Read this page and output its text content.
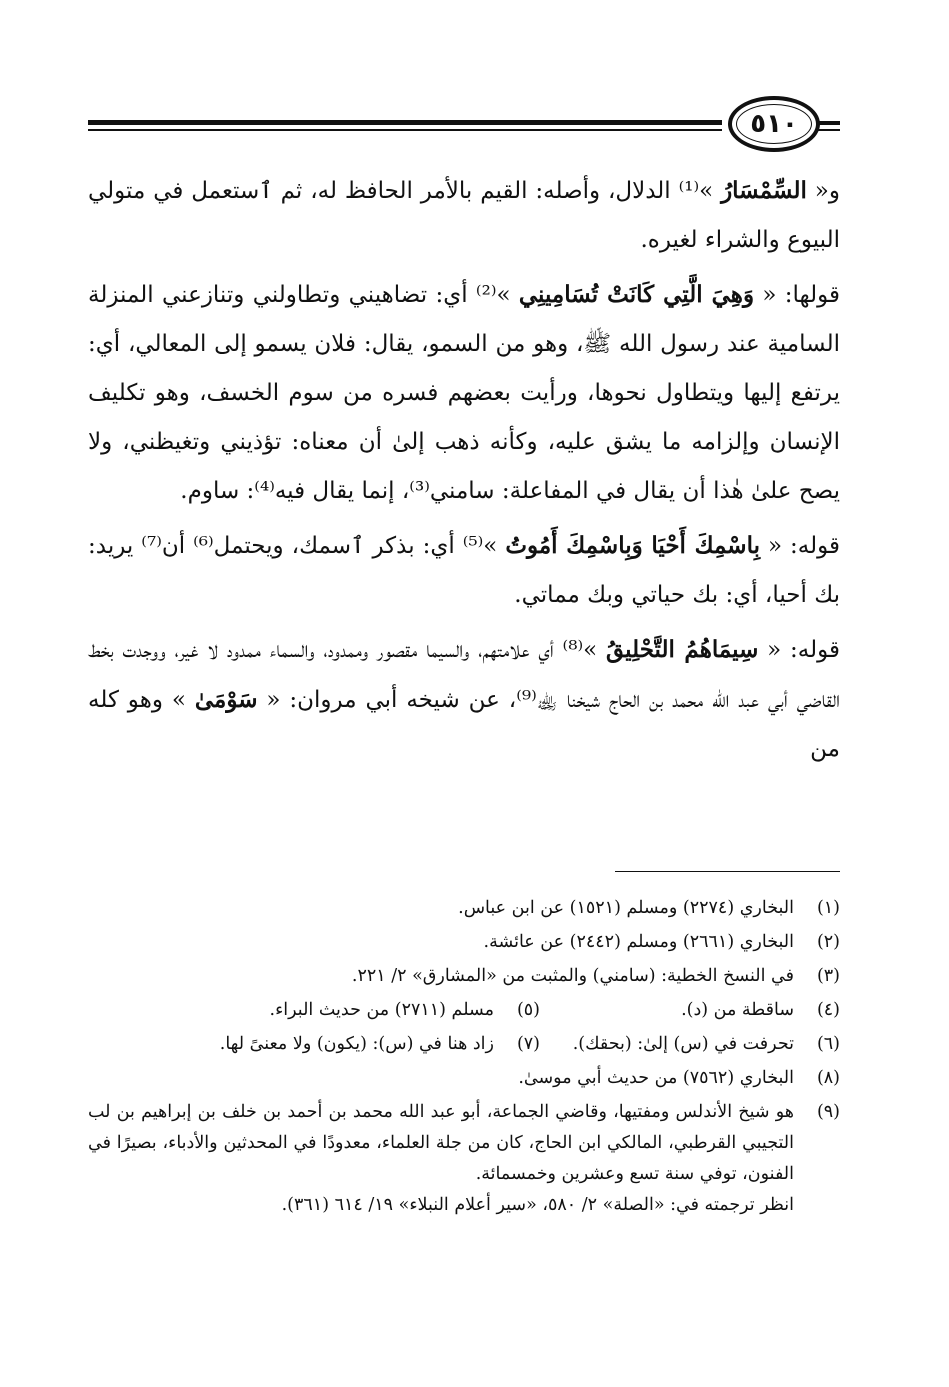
٥١٠

و« السِّمْسَارُ »⁽¹⁾ الدلال، وأصله: القيم بالأمر الحافظ له، ثم ٱستعمل في متولي البيوع والشراء لغيره.

قولها: « وَهِيَ الَّتِي كَانَتْ تُسَامِينِي »⁽²⁾ أي: تضاهيني وتطاولني وتنازعني المنزلة السامية عند رسول الله ﷺ، وهو من السمو، يقال: فلان يسمو إلى المعالي، أي: يرتفع إليها ويتطاول نحوها، ورأيت بعضهم فسره من سوم الخسف، وهو تكليف الإنسان وإلزامه ما يشق عليه، وكأنه ذهب إلىٰ أن معناه: تؤذيني وتغيظني، ولا يصح علىٰ هٰذا أن يقال في المفاعلة: سامني⁽³⁾، إنما يقال فيه⁽⁴⁾: ساوم.

قوله: « بِاسْمِكَ أَحْيَا وَبِاسْمِكَ أَمُوتُ »⁽⁵⁾ أي: بذكر ٱسمك، ويحتمل⁽⁶⁾ أن⁽⁷⁾ يريد: بك أحيا، أي: بك حياتي وبك مماتي.

قوله: « سِيمَاهُمُ التَّحْلِيقُ »⁽⁸⁾ أي علامتهم، والسيما مقصور وممدود، والسماء ممدود لا غير، ووجدت بخط القاضي أبي عبد الله محمد بن الحاج شيخنا ﵀⁽⁹⁾، عن شيخه أبي مروان: « سَوْمَىٰ » وهو كله من

(١)
البخاري (٢٢٧٤) ومسلم (١٥٢١) عن ابن عباس.
(٢)
البخاري (٢٦٦١) ومسلم (٢٤٤٢) عن عائشة.
(٣)
في النسخ الخطية: (سامني) والمثبت من «المشارق» ٢/ ٢٢١.
(٤)
ساقطة من (د).
(٥)
مسلم (٢٧١١) من حديث البراء.
(٦)
تحرفت في (س) إلىٰ: (بحقك).
(٧)
زاد هنا في (س): (يكون) ولا معنىً لها.
(٨)
البخاري (٧٥٦٢) من حديث أبي موسىٰ.
(٩)
هو شيخ الأندلس ومفتيها، وقاضي الجماعة، أبو عبد الله محمد بن أحمد بن خلف بن إبراهيم بن لب التجيبي القرطبي، المالكي ابن الحاج، كان من جلة العلماء، معدودًا في المحدثين والأدباء، بصيرًا في الفنون، توفي سنة تسع وعشرين وخمسمائة.
انظر ترجمته في: «الصلة» ٢/ ٥٨٠، «سير أعلام النبلاء» ١٩/ ٦١٤ (٣٦١).
